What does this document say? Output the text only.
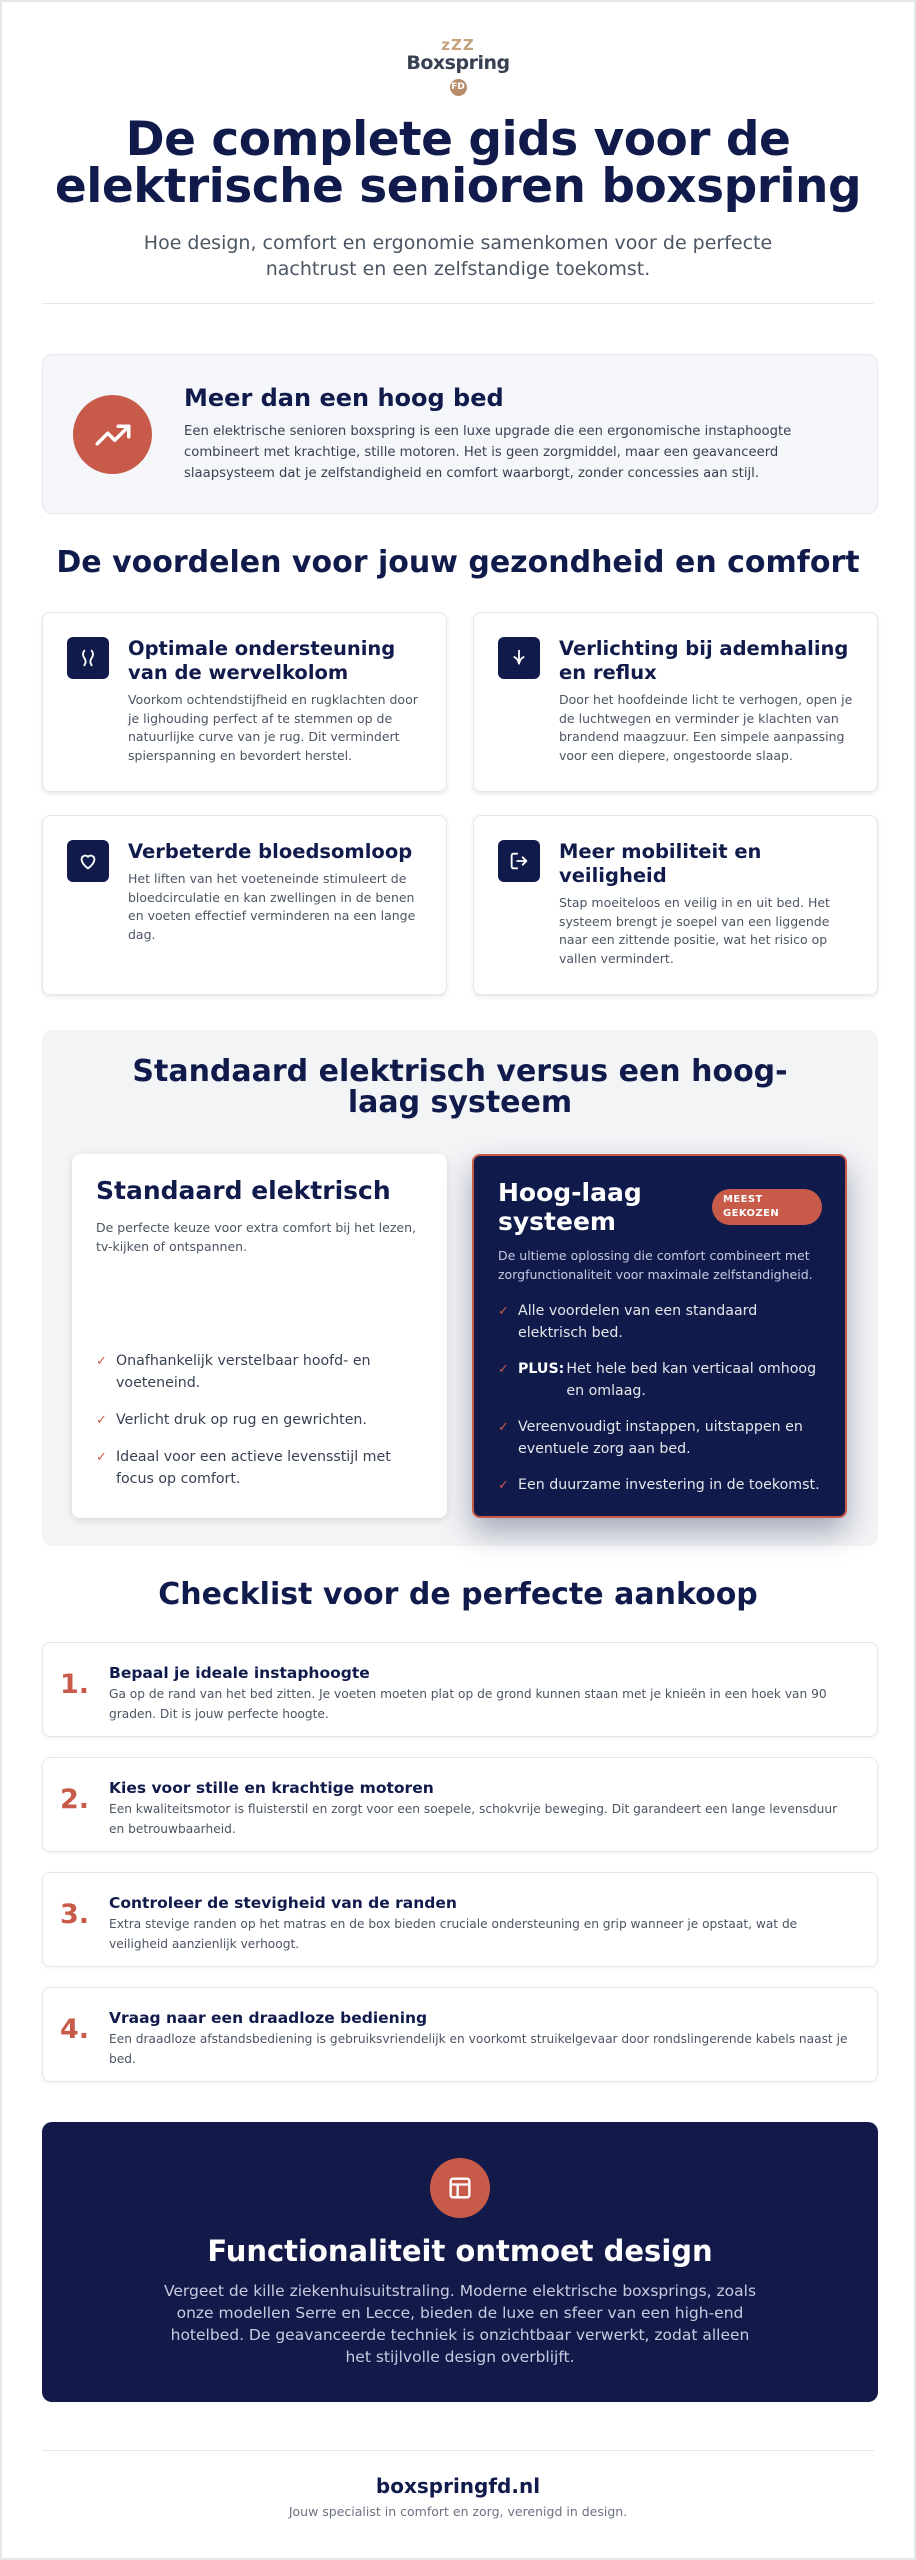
zZZ
Boxspring
FD
De complete gids voor de elektrische senioren boxspring

Hoe design, comfort en ergonomie samenkomen voor de perfecte nachtrust en een zelfstandige toekomst.

Meer dan een hoog bed

Een elektrische senioren boxspring is een luxe upgrade die een ergonomische instaphoogte combineert met krachtige, stille motoren. Het is geen zorgmiddel, maar een geavanceerd slaapsysteem dat je zelfstandigheid en comfort waarborgt, zonder concessies aan stijl.

De voordelen voor jouw gezondheid en comfort
Optimale ondersteuning van de wervelkolom

Voorkom ochtendstijfheid en rugklachten door je lighouding perfect af te stemmen op de natuurlijke curve van je rug. Dit vermindert spierspanning en bevordert herstel.

Verlichting bij ademhaling en reflux

Door het hoofdeinde licht te verhogen, open je de luchtwegen en verminder je klachten van brandend maagzuur. Een simpele aanpassing voor een diepere, ongestoorde slaap.

Verbeterde bloedsomloop

Het liften van het voeteneinde stimuleert de bloedcirculatie en kan zwellingen in de benen en voeten effectief verminderen na een lange dag.

Meer mobiliteit en veiligheid

Stap moeiteloos en veilig in en uit bed. Het systeem brengt je soepel van een liggende naar een zittende positie, wat het risico op vallen vermindert.

Standaard elektrisch versus een hoog-laag systeem
Standaard elektrisch

De perfecte keuze voor extra comfort bij het lezen, tv-kijken of ontspannen.

✓ Onafhankelijk verstelbaar hoofd- en voeteneind.
✓ Verlicht druk op rug en gewrichten.
✓ Ideaal voor een actieve levensstijl met focus op comfort.
Hoog-laag systeem
MEEST GEKOZEN

De ultieme oplossing die comfort combineert met zorgfunctionaliteit voor maximale zelfstandigheid.

✓ Alle voordelen van een standaard elektrisch bed.
✓ PLUS: Het hele bed kan verticaal omhoog en omlaag.
✓ Vereenvoudigt instappen, uitstappen en eventuele zorg aan bed.
✓ Een duurzame investering in de toekomst.
Checklist voor de perfecte aankoop
1. Bepaal je ideale instaphoogte

Ga op de rand van het bed zitten. Je voeten moeten plat op de grond kunnen staan met je knieën in een hoek van 90 graden. Dit is jouw perfecte hoogte.

2. Kies voor stille en krachtige motoren

Een kwaliteitsmotor is fluisterstil en zorgt voor een soepele, schokvrije beweging. Dit garandeert een lange levensduur en betrouwbaarheid.

3. Controleer de stevigheid van de randen

Extra stevige randen op het matras en de box bieden cruciale ondersteuning en grip wanneer je opstaat, wat de veiligheid aanzienlijk verhoogt.

4. Vraag naar een draadloze bediening

Een draadloze afstandsbediening is gebruiksvriendelijk en voorkomt struikelgevaar door rondslingerende kabels naast je bed.

Functionaliteit ontmoet design

Vergeet de kille ziekenhuisuitstraling. Moderne elektrische boxsprings, zoals onze modellen Serre en Lecce, bieden de luxe en sfeer van een high-end hotelbed. De geavanceerde techniek is onzichtbaar verwerkt, zodat alleen het stijlvolle design overblijft.

boxspringfd.nl

Jouw specialist in comfort en zorg, verenigd in design.
